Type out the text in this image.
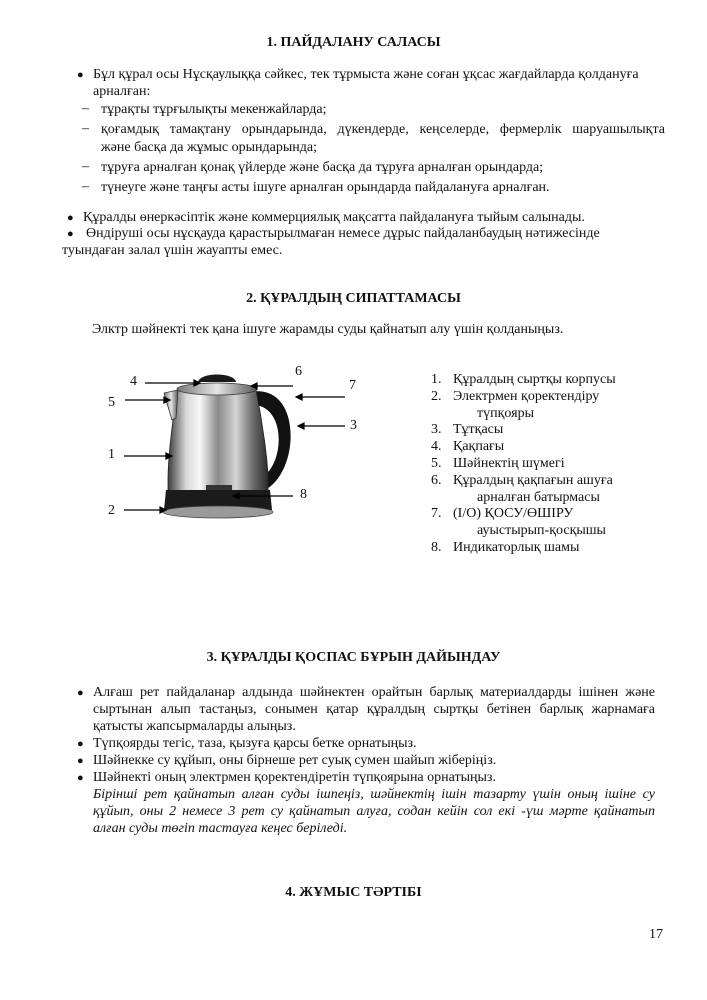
1. ПАЙДАЛАНУ САЛАСЫ
● Бұл құрал осы Нұсқаулыққа сәйкес, тек тұрмыста және соған ұқсас жағдайларда қолдануға
арналған:
– тұрақты тұрғылықты мекенжайларда;
– қоғамдық тамақтану орындарында, дүкендерде, кеңселерде, фермерлік шаруашылықта
және басқа да жұмыс орындарында;
– тұруға арналған қонақ үйлерде және басқа да тұруға арналған орындарда;
– түнеуге және таңғы асты ішуге арналған орындарда пайдалануға арналған.
● Құралды өнеркәсіптік және коммерциялық мақсатта пайдалануға тыйым салынады.
● Өндіруші осы нұсқауда қарастырылмаған немесе дұрыс пайдаланбаудың нәтижесінде
туындаған залал үшін жауапты емес.
2. ҚҰРАЛДЫҢ СИПАТТАМАСЫ
Элктр шәйнекті тек қана ішуге жарамды суды қайнатып алу үшін қолданыңыз.
1
2
3
4
5
6
7
8
1. Құралдың сыртқы корпусы
2. Электрмен қоректендіру
түпқояры
3. Тұтқасы
4. Қақпағы
5. Шәйнектің шүмегі
6. Құралдың қақпағын ашуға
арналған батырмасы
7. (I/O) ҚОСУ/ӨШІРУ
ауыстырып-қосқышы
8. Индикаторлық шамы
3. ҚҰРАЛДЫ ҚОСПАС БҰРЫН ДАЙЫНДАУ
● Алғаш рет пайдаланар алдында шәйнектен орайтын барлық материалдарды ішінен және
сыртынан алып тастаңыз, сонымен қатар құралдың сыртқы бетінен барлық жарнамаға
қатысты жапсырмаларды алыңыз.
● Түпқоярды тегіс, таза, қызуға қарсы бетке орнатыңыз.
● Шәйнекке су құйып, оны бірнеше рет суық сумен шайып жіберіңіз.
● Шәйнекті оның электрмен қоректендіретін түпқоярына орнатыңыз.
Бірінші рет қайнатып алған суды ішпеңіз, шәйнектің ішін тазарту үшін оның ішіне су
құйып, оны 2 немесе 3 рет су қайнатып алуға, содан кейін сол екі -үш мәрте қайнатып
алған суды төгіп тастауға кеңес беріледі.
4. ЖҰМЫС ТӘРТІБІ
17
